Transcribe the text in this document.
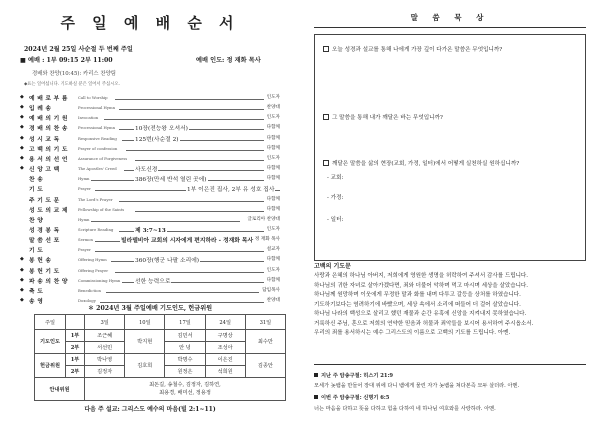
주 일 예 배 순 서
2024년 2월 25일 사순절 두 번째 주일
■ 예배 : 1부 09:15 2부 11:00	예배 인도: 정 재화 목사
경배와 찬양(10:45): 카리스 찬양팀
◆표는 일어섭니다. 기도하실 분은 일어서 주십시오.
◆ 예 배 로 부 름	Call to Worship	인도자
◆ 입 례 송	Processional Hymn	찬양대
◆ 예 배 의 기 원	Invocation	인도자
◆ 경 배 의 찬 송	Processional Hymn	10장(전능왕 오셔서)	다함께
◆ 성 시 교 독	Responsive Reading	125번(사순절 2)	다함께
◆ 고 백 의 기 도	Prayer of confession	다함께
◆ 용 서 의 선 언	Assurance of Forgiveness	인도자
◆ 신 앙 고 백	The Apostles' Creed	사도신경	다함께
찬 송	Hymn	386장(만세 반석 열린 곳에)	다함께
기 도	Prayer	1부 이은진 집사, 2부 유 성호 집사
주 기 도 문	The Lord's Prayer	다함께
성 도 의 교 제	Fellowship of the Saints	다함께
찬 양	Hymn	글로리아 찬양대
성 경 봉 독	Scripture Reading	제 3:7~13	인도자
말 씀 선 포	Sermon	빌라델비아 교회의 시자에게 편지하라 - 정재화 목사 정 재화 목사
기 도	Prayer	설교자
◆ 봉 헌 송	Offering Hymn	360장(행군 나팔 소리에)	다함께
◆ 봉 헌 기 도	Offering Prayer	인도자
◆ 파 송 의 찬 양	Commissioning Hymn	선한 능력으로	다함께
◆ 축 도	Benediction	담임목사
◆ 송 영	Doxology	찬양대
✽ 2024년 3월 주일예배 기도인도, 헌금위원
주일		3일	10일	17일	24일	31일
기도인도	1부	조근혜	박지현	김민서	구명상	최수만
	2부	서선민		안 녕	조성아	
헌금위원	1부	박나영	김호희	박명수	이은진	김종안
	2부	김정자		원정은	석희원	
안내위원		최돈길, 송철수, 김정자, 김하연,
최용경, 배미선, 정용정				
다음 주 설교: 그리스도 예수의 마음(빌 2:1~11)
말 씀 묵 상
오늘 성경과 설교를 통해 나에게 가장 깊이 다가온 말씀은 무엇입니까?
그 말씀을 통해 내가 깨달은 바는 무엇입니까?
깨달은 말씀을 삶의 현장(교회, 가정, 일터)에서 어떻게 실천하실 원하십니까?
- 교회:
- 가정:
- 일터:
고백의 기도문
사랑과 은혜의 하나님 아버지, 저희에게 영원한 생명을 허락하여 주셔서 감사를 드립니다.
하나님의 귀한 자녀로 살아가겠다면, 죄와 더불어 악하며 먹고 마시며 세상을 살았습니다.
하나님께 원망하며 이웃에게 무정한 말과 화를 내며 다투고 갈등을 상처를 하였습니다.
기도하기보다는 염려하기에 바빴으며, 세상 속에서 소리에 떠들어 더 걸어 살았습니다.
하나님 나라의 백성으로 살리고 했던 재물과 순간 유혹에 신앙을 지켜내지 못하였습니다.
거룩하신 주님, 혼으로 저희의 연약한 믿음과 허물과 죄악들을 보시어 용서하여 주시옵소서.
우리의 죄를 용서하시는 예수 그리스도의 이름으로 고백의 기도를 드립니다. 아멘.
지난 주 암송구절: 히스기 21:9
모세가 놋뱀을 만들어 장대 위에 다니 뱀에게 물린 자가 놋뱀을 쳐다본즉 모두 살더라. 아멘.
이번 주 암송구절: 신명기 6:5
너는 마음을 다하고 뜻을 다하고 힘을 다하여 네 하나님 여호와를 사랑하라. 아멘.
